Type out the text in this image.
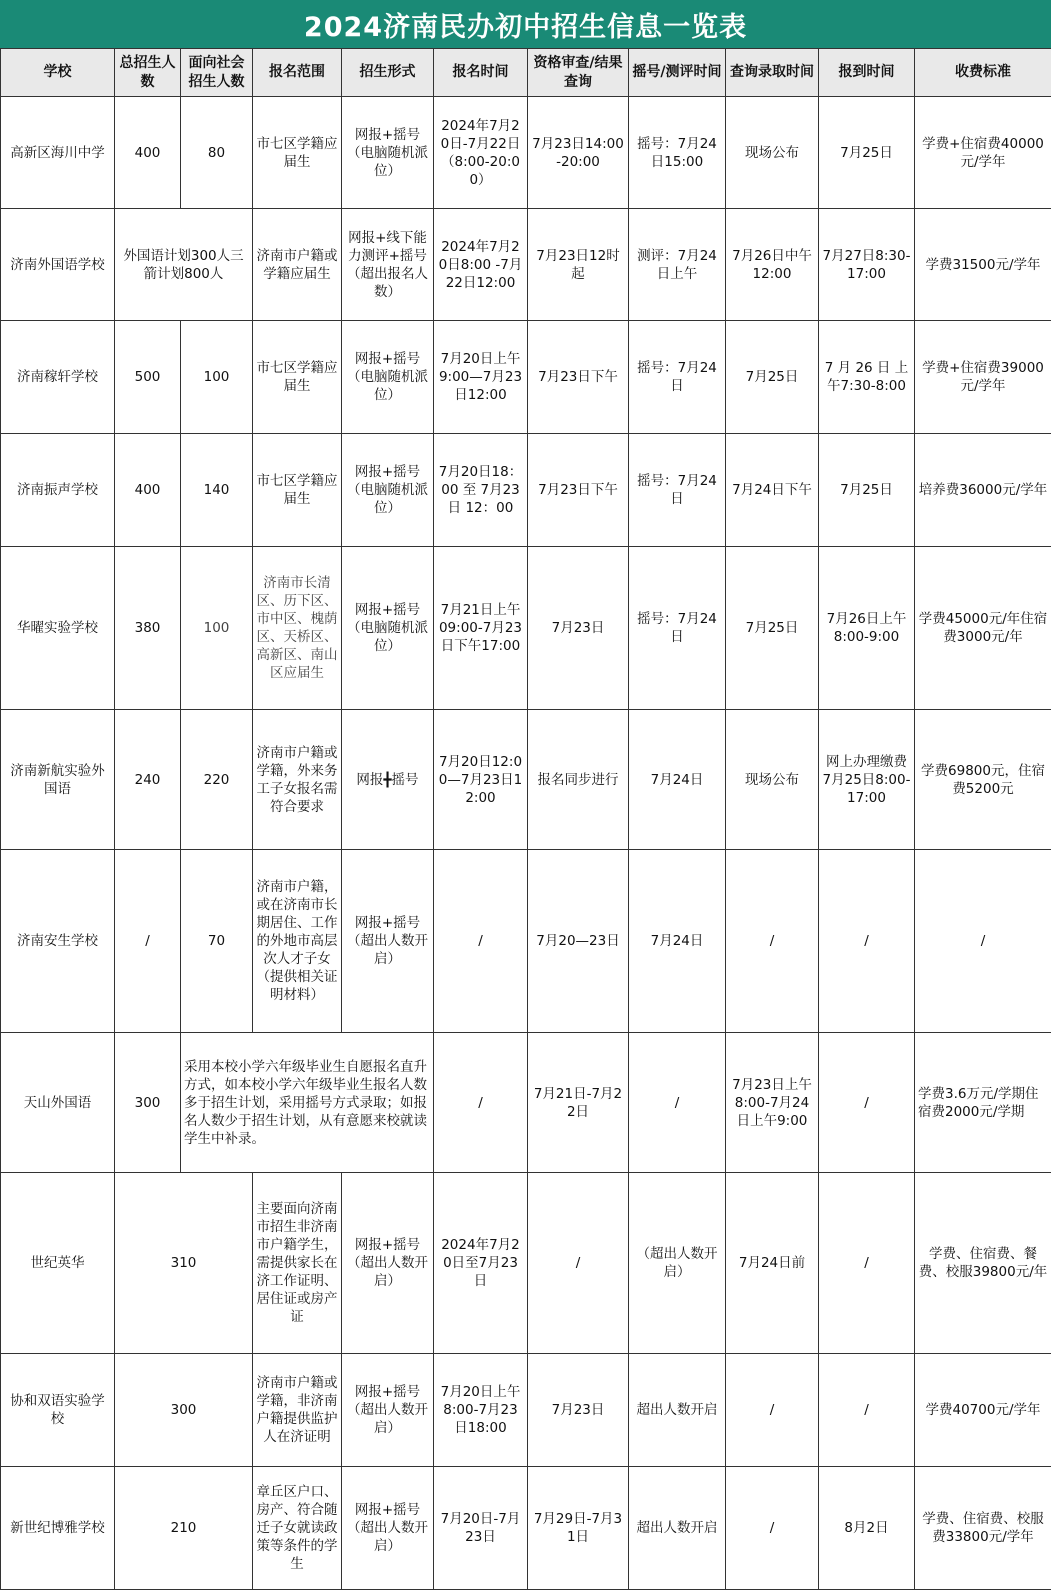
2024济南民办初中招生信息一览表
学校	总招生人数	面向社会招生人数	报名范围	招生形式	报名时间	资格审查/结果查询	摇号/测评时间	查询录取时间	报到时间	收费标准
高新区海川中学	400	80	市七区学籍应届生	网报+摇号（电脑随机派位）	2024年7月20日-7月22日（8:00-20:00）	7月23日14:00-20:00	摇号：7月24日15:00	现场公布	7月25日	学费+住宿费40000元/学年
济南外国语学校	外国语计划300人三箭计划800人		济南市户籍或学籍应届生	网报+线下能力测评+摇号（超出报名人数）	2024年7月20日8:00 -7月22日12:00	7月23日12时起	测评：7月24日上午	7月26日中午12:00	7月27日8:30-17:00	学费31500元/学年
济南稼轩学校	500	100	市七区学籍应届生	网报+摇号（电脑随机派位）	7月20日上午9:00—7月23日12:00	7月23日下午	摇号：7月24日	7月25日	7 月 26 日 上午7:30-8:00	学费+住宿费39000元/学年
济南振声学校	400	140	市七区学籍应届生	网报+摇号（电脑随机派位）	7月20日18：00 至 7月23日 12：00	7月23日下午	摇号：7月24日	7月24日下午	7月25日	培养费36000元/学年
华曜实验学校	380	100	济南市长清区、历下区、市中区、槐荫区、天桥区、高新区、南山区应届生	网报+摇号（电脑随机派位）	7月21日上午09:00-7月23日下午17:00	7月23日	摇号：7月24日	7月25日	7月26日上午8:00-9:00	学费45000元/年住宿费3000元/年
济南新航实验外国语	240	220	济南市户籍或学籍，外来务工子女报名需符合要求	网报╋摇号	7月20日12:00—7月23日12:00	报名同步进行	7月24日	现场公布	网上办理缴费7月25日8:00-17:00	学费69800元，住宿费5200元
济南安生学校	/	70	济南市户籍，或在济南市长期居住、工作的外地市高层次人才子女（提供相关证明材料）	网报+摇号（超出人数开启）	/	7月20—23日	7月24日	/	/	/
天山外国语	300	采用本校小学六年级毕业生自愿报名直升方式，如本校小学六年级毕业生报名人数多于招生计划，采用摇号方式录取；如报名人数少于招生计划，从有意愿来校就读学生中补录。			/	7月21日-7月22日	/	7月23日上午8:00-7月24日上午9:00	/	学费3.6万元/学期住宿费2000元/学期
世纪英华	310		主要面向济南市招生非济南市户籍学生，需提供家长在济工作证明、居住证或房产证	网报+摇号（超出人数开启）	2024年7月20日至7月23日	/	（超出人数开启）	7月24日前	/	学费、住宿费、餐费、校服39800元/年
协和双语实验学校	300		济南市户籍或学籍，非济南户籍提供监护人在济证明	网报+摇号（超出人数开启）	7月20日上午8:00-7月23日18:00	7月23日	超出人数开启	/	/	学费40700元/学年
新世纪博雅学校	210		章丘区户口、房产、符合随迁子女就读政策等条件的学生	网报+摇号（超出人数开启）	7月20日-7月23日	7月29日-7月31日	超出人数开启	/	8月2日	学费、住宿费、校服费33800元/学年
